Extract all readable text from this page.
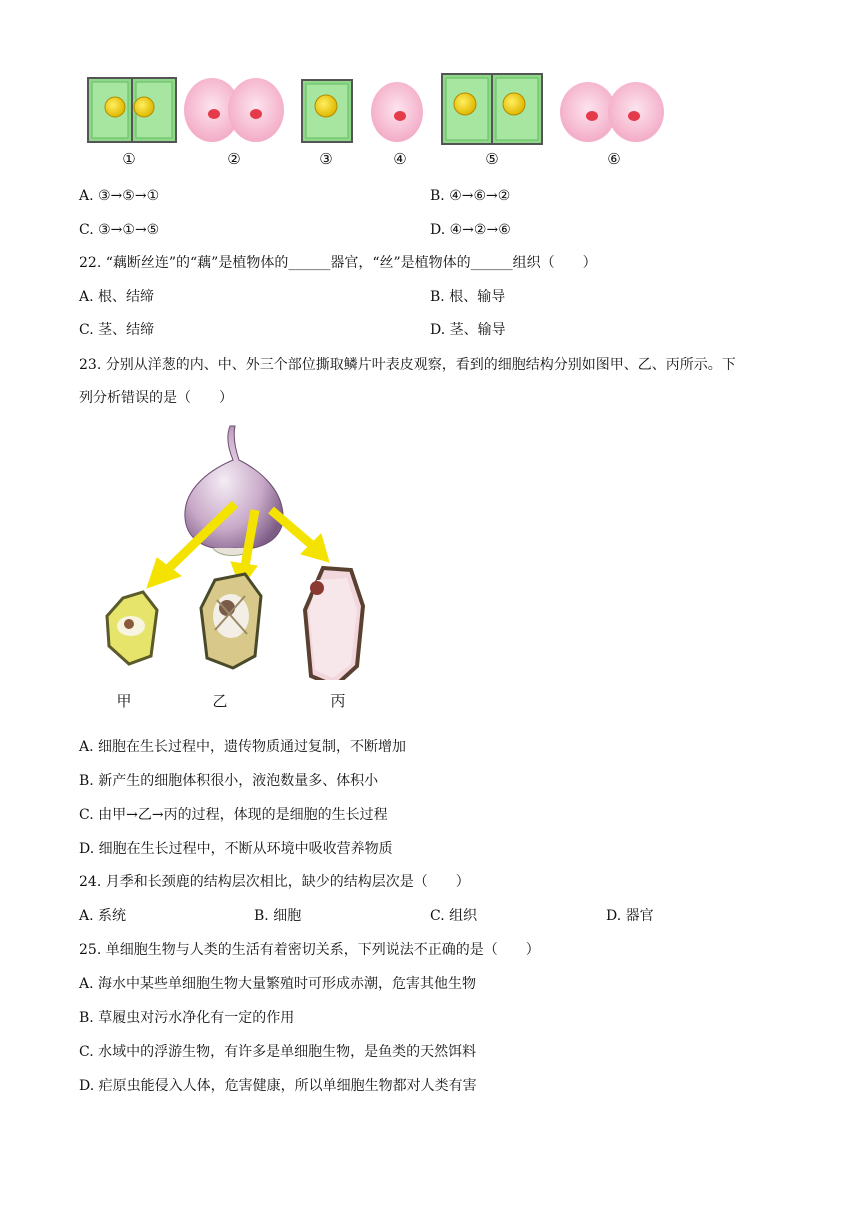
①	②	③	④	⑤	⑥
A. ③→⑤→①	B. ④→⑥→②
C. ③→①→⑤	D. ④→②→⑥
22. “藕断丝连”的“藕”是植物体的______器官，“丝”是植物体的______组织（　　）
A. 根、结缔	B. 根、输导
C. 茎、结缔	D. 茎、输导
23. 分别从洋葱的内、中、外三个部位撕取鳞片叶表皮观察，看到的细胞结构分别如图甲、乙、丙所示。下
列分析错误的是（　　）
甲	乙	丙
A. 细胞在生长过程中，遗传物质通过复制，不断增加
B. 新产生的细胞体积很小，液泡数量多、体积小
C. 由甲→乙→丙的过程，体现的是细胞的生长过程
D. 细胞在生长过程中，不断从环境中吸收营养物质
24. 月季和长颈鹿的结构层次相比，缺少的结构层次是（　　）
A. 系统	B. 细胞	C. 组织	D. 器官
25. 单细胞生物与人类的生活有着密切关系，下列说法不正确的是（　　）
A. 海水中某些单细胞生物大量繁殖时可形成赤潮，危害其他生物
B. 草履虫对污水净化有一定的作用
C. 水域中的浮游生物，有许多是单细胞生物，是鱼类的天然饵料
D. 疟原虫能侵入人体，危害健康，所以单细胞生物都对人类有害
